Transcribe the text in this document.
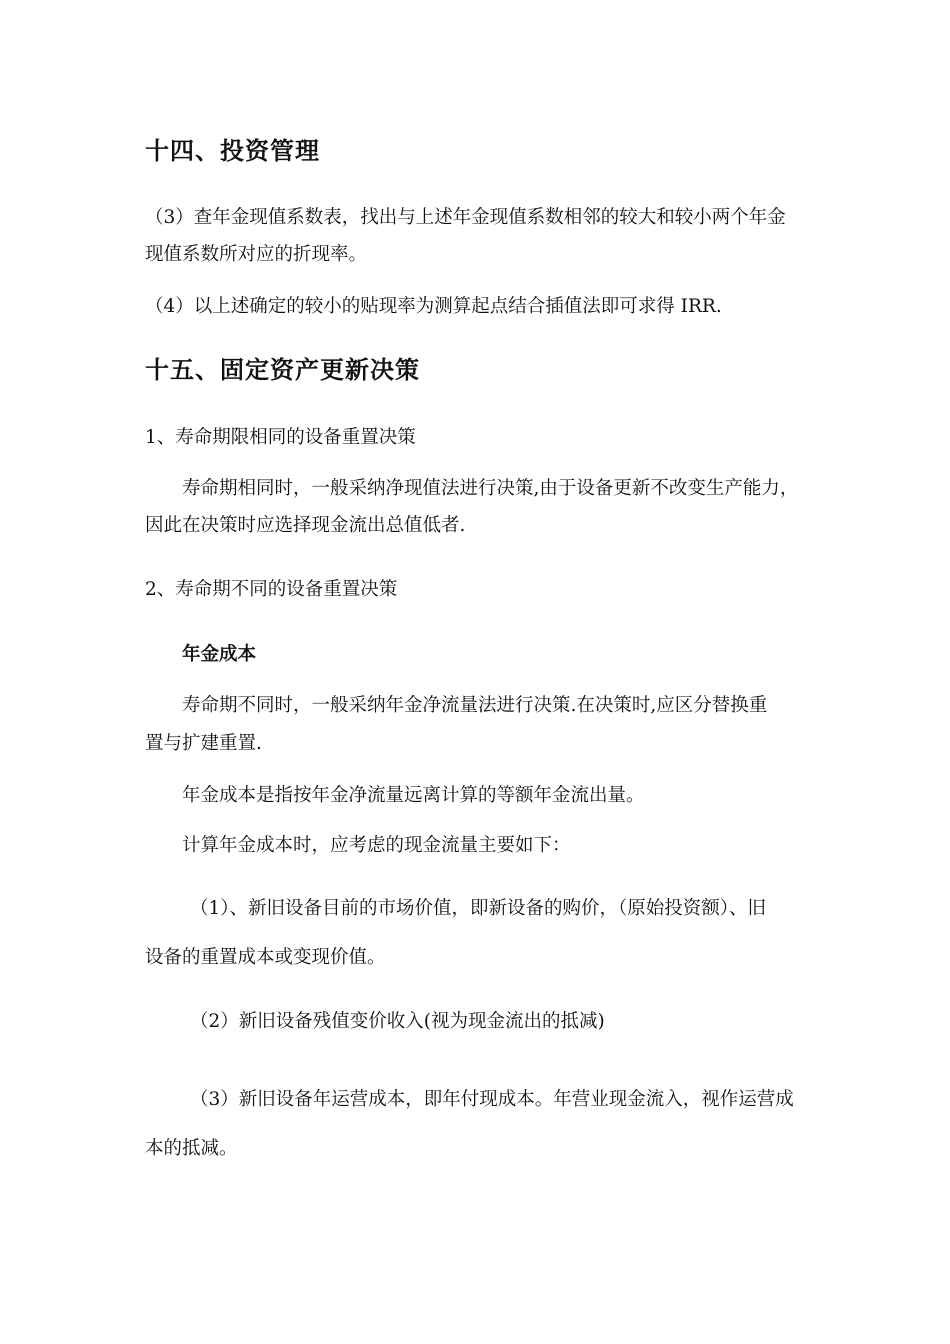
十四、投资管理
（3）查年金现值系数表，找出与上述年金现值系数相邻的较大和较小两个年金
现值系数所对应的折现率。
（4）以上述确定的较小的贴现率为测算起点结合插值法即可求得 IRR.
十五、固定资产更新决策
1、寿命期限相同的设备重置决策
寿命期相同时，一般采纳净现值法进行决策,由于设备更新不改变生产能力，
因此在决策时应选择现金流出总值低者.
2、寿命期不同的设备重置决策
年金成本
寿命期不同时，一般采纳年金净流量法进行决策.在决策时,应区分替换重
置与扩建重置.
年金成本是指按年金净流量远离计算的等额年金流出量。
计算年金成本时，应考虑的现金流量主要如下：
（1）、新旧设备目前的市场价值，即新设备的购价，（原始投资额）、旧
设备的重置成本或变现价值。
（2）新旧设备残值变价收入(视为现金流出的抵减)
（3）新旧设备年运营成本，即年付现成本。年营业现金流入，视作运营成
本的抵减。
